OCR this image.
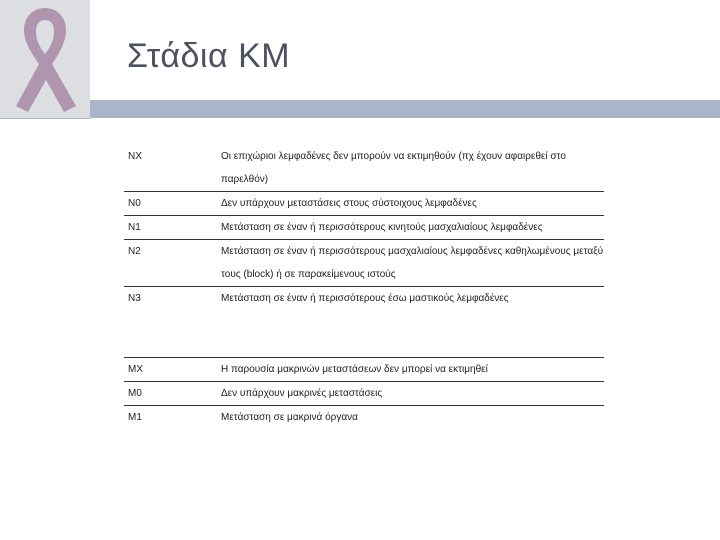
Στάδια ΚΜ
NX	Οι επιχώριοι λεμφαδένες δεν μπορούν να εκτιμηθούν (πχ έχουν αφαιρεθεί στο παρελθόν)
N0	Δεν υπάρχουν μεταστάσεις στους σύστοιχους λεμφαδένες
N1	Μετάσταση σε έναν ή περισσότερους κινητούς μασχαλιαίους λεμφαδένες
N2	Μετάσταση σε έναν ή περισσότερους μασχαλιαίους λεμφαδένες καθηλωμένους μεταξύ τους (block) ή σε παρακείμενους ιστούς
N3	Μετάσταση σε έναν ή περισσότερους έσω μαστικούς λεμφαδένες
MX	Η παρουσία μακρινών μεταστάσεων δεν μπορεί να εκτιμηθεί
M0	Δεν υπάρχουν μακρινές μεταστάσεις
M1	Μετάσταση σε μακρινά όργανα
